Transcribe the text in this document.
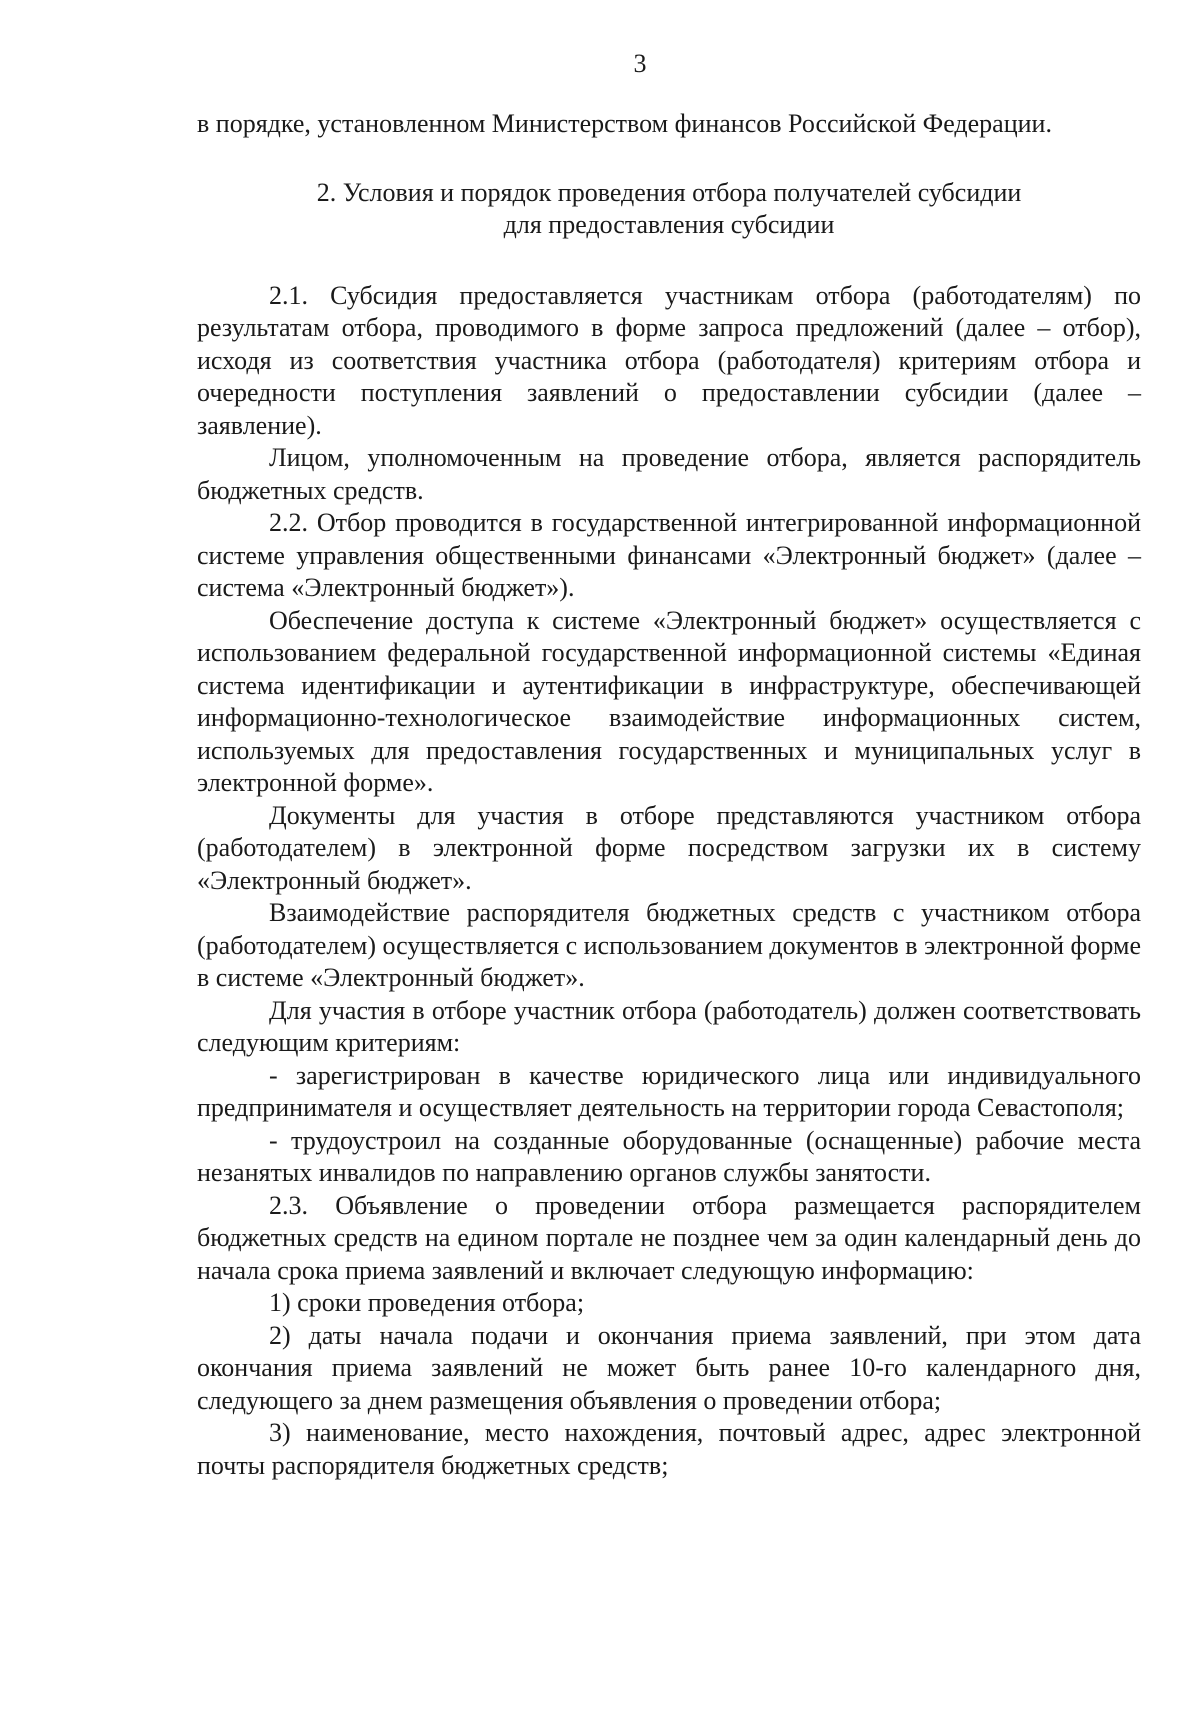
3

в порядке, установленном Министерством финансов Российской Федерации.

2. Условия и порядок проведения отбора получателей субсидии
для предоставления субсидии

2.1. Субсидия предоставляется участникам отбора (работодателям) по результатам отбора, проводимого в форме запроса предложений (далее – отбор), исходя из соответствия участника отбора (работодателя) критериям отбора и очередности поступления заявлений о предоставлении субсидии (далее – заявление).

Лицом, уполномоченным на проведение отбора, является распорядитель бюджетных средств.

2.2. Отбор проводится в государственной интегрированной информационной системе управления общественными финансами «Электронный бюджет» (далее – система «Электронный бюджет»).

Обеспечение доступа к системе «Электронный бюджет» осуществляется с использованием федеральной государственной информационной системы «Единая система идентификации и аутентификации в инфраструктуре, обеспечивающей информационно-технологическое взаимодействие информационных систем, используемых для предоставления государственных и муниципальных услуг в электронной форме».

Документы для участия в отборе представляются участником отбора (работодателем) в электронной форме посредством загрузки их в систему «Электронный бюджет».

Взаимодействие распорядителя бюджетных средств с участником отбора (работодателем) осуществляется с использованием документов в электронной форме в системе «Электронный бюджет».

Для участия в отборе участник отбора (работодатель) должен соответствовать следующим критериям:

- зарегистрирован в качестве юридического лица или индивидуального предпринимателя и осуществляет деятельность на территории города Севастополя;

- трудоустроил на созданные оборудованные (оснащенные) рабочие места незанятых инвалидов по направлению органов службы занятости.

2.3. Объявление о проведении отбора размещается распорядителем бюджетных средств на едином портале не позднее чем за один календарный день до начала срока приема заявлений и включает следующую информацию:

1) сроки проведения отбора;

2) даты начала подачи и окончания приема заявлений, при этом дата окончания приема заявлений не может быть ранее 10-го календарного дня, следующего за днем размещения объявления о проведении отбора;

3) наименование, место нахождения, почтовый адрес, адрес электронной почты распорядителя бюджетных средств;
